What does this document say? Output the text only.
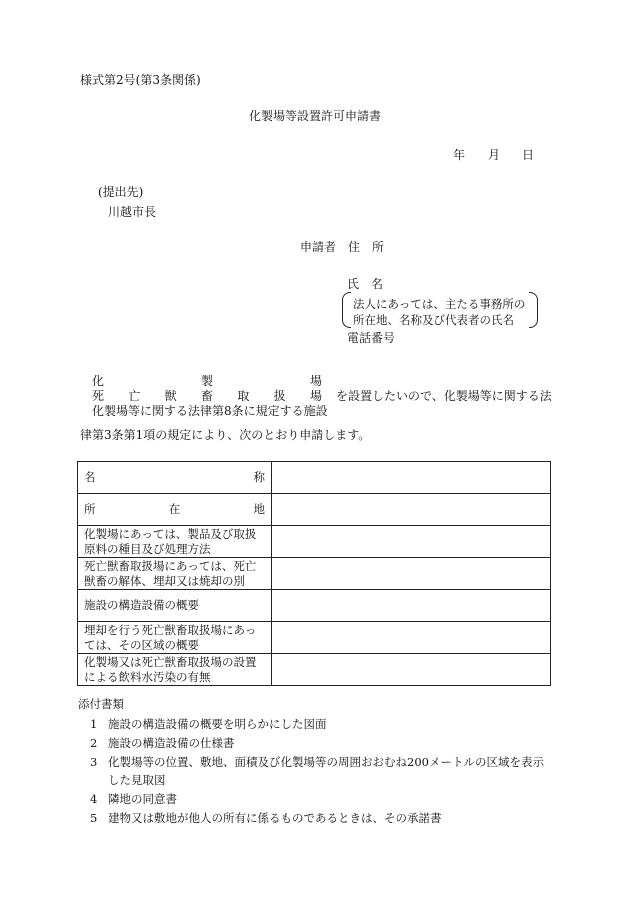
様式第2号(第3条関係)
化製場等設置許可申請書
年 月 日
(提出先)
川越市長
申請者 住　所
氏　名
法人にあっては、主たる事務所の
所在地、名称及び代表者の氏名
電話番号
化	製	場
死 亡 獣 畜 取 扱 場
化製場等に関する法律第8条に規定する施設
を設置したいので、化製場等に関する法
律第3条第1項の規定により、次のとおり申請します。
名 称	

所 在 地	

化製場にあっては、製品及び取扱原料の種目及び処理方法	
死亡獣畜取扱場にあっては、死亡獣畜の解体、埋却又は焼却の別	
施設の構造設備の概要	
埋却を行う死亡獣畜取扱場にあっては、その区域の概要	
化製場又は死亡獣畜取扱場の設置による飲料水汚染の有無	
添付書類
1 施設の構造設備の概要を明らかにした図面
2 施設の構造設備の仕様書
3 化製場等の位置、敷地、面積及び化製場等の周囲おおむね200メートルの区域を表示
した見取図
4 隣地の同意書
5 建物又は敷地が他人の所有に係るものであるときは、その承諾書
